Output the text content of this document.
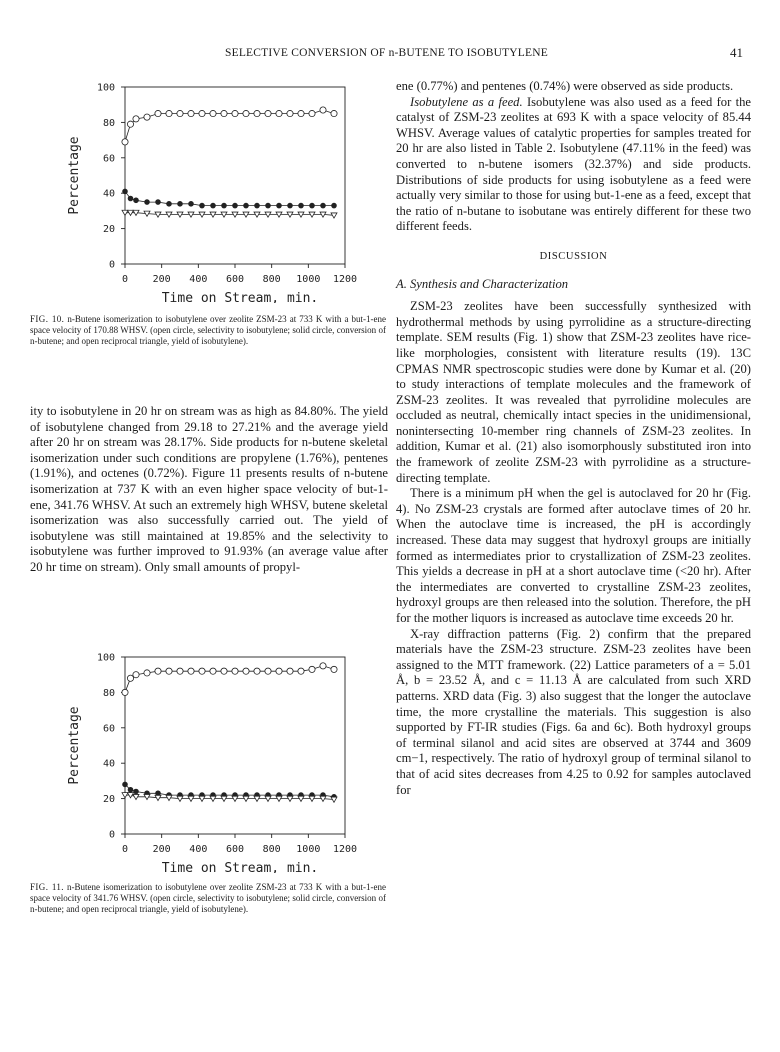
SELECTIVE CONVERSION OF n-BUTENE TO ISOBUTYLENE	41
0
20
40
60
80
100
0 200 400 600 800 1000 1200
Time on Stream, min.
Percentage
FIG. 10. n-Butene isomerization to isobutylene over zeolite ZSM-23 at 733 K with a but-1-ene space velocity of 170.88 WHSV. (open circle, selectivity to isobutylene; solid circle, conversion of n-butene; and open reciprocal triangle, yield of isobutylene).

ity to isobutylene in 20 hr on stream was as high as 84.80%. The yield of isobutylene changed from 29.18 to 27.21% and the average yield after 20 hr on stream was 28.17%. Side products for n-butene skeletal isomerization under such conditions are propylene (1.76%), pentenes (1.91%), and octenes (0.72%). Figure 11 presents results of n-butene isomerization at 737 K with an even higher space velocity of but-1-ene, 341.76 WHSV. At such an extremely high WHSV, butene skeletal isomerization was also successfully carried out. The yield of isobutylene was still maintained at 19.85% and the selectivity to isobutylene was further improved to 91.93% (an average value after 20 hr time on stream). Only small amounts of propyl-

0
20
40
60
80
100
0 200 400 600 800 1000 1200
Time on Stream, min.
Percentage
FIG. 11. n-Butene isomerization to isobutylene over zeolite ZSM-23 at 733 K with a but-1-ene space velocity of 341.76 WHSV. (open circle, selectivity to isobutylene; solid circle, conversion of n-butene; and open reciprocal triangle, yield of isobutylene).

ene (0.77%) and pentenes (0.74%) were observed as side products.

Isobutylene as a feed. Isobutylene was also used as a feed for the catalyst of ZSM-23 zeolites at 693 K with a space velocity of 85.44 WHSV. Average values of catalytic properties for samples treated for 20 hr are also listed in Table 2. Isobutylene (47.11% in the feed) was converted to n-butene isomers (32.37%) and side products. Distributions of side products for using isobutylene as a feed were actually very similar to those for using but-1-ene as a feed, except that the ratio of n-butane to isobutane was entirely different for these two different feeds.

DISCUSSION
A. Synthesis and Characterization

ZSM-23 zeolites have been successfully synthesized with hydrothermal methods by using pyrrolidine as a structure-directing template. SEM results (Fig. 1) show that ZSM-23 zeolites have rice-like morphologies, consistent with literature results (19). 13C CPMAS NMR spectroscopic studies were done by Kumar et al. (20) to study interactions of template molecules and the framework of ZSM-23 zeolites. It was revealed that pyrrolidine molecules are occluded as neutral, chemically intact species in the unidimensional, nonintersecting 10-member ring channels of ZSM-23 zeolites. In addition, Kumar et al. (21) also isomorphously substituted iron into the framework of zeolite ZSM-23 with pyrrolidine as a structure-directing template.

There is a minimum pH when the gel is autoclaved for 20 hr (Fig. 4). No ZSM-23 crystals are formed after autoclave times of 20 hr. When the autoclave time is increased, the pH is accordingly increased. These data may suggest that hydroxyl groups are initially formed as intermediates prior to crystallization of ZSM-23 zeolites. This yields a decrease in pH at a short autoclave time (<20 hr). After the intermediates are converted to crystalline ZSM-23 zeolites, hydroxyl groups are then released into the solution. Therefore, the pH for the mother liquors is increased as autoclave time exceeds 20 hr.

X-ray diffraction patterns (Fig. 2) confirm that the prepared materials have the ZSM-23 structure. ZSM-23 zeolites have been assigned to the MTT framework. (22) Lattice parameters of a = 5.01 Å, b = 23.52 Å, and c = 11.13 Å are calculated from such XRD patterns. XRD data (Fig. 3) also suggest that the longer the autoclave time, the more crystalline the materials. This suggestion is also supported by FT-IR studies (Figs. 6a and 6c). Both hydroxyl groups of terminal silanol and acid sites are observed at 3744 and 3609 cm−1, respectively. The ratio of hydroxyl group of terminal silanol to that of acid sites decreases from 4.25 to 0.92 for samples autoclaved for
